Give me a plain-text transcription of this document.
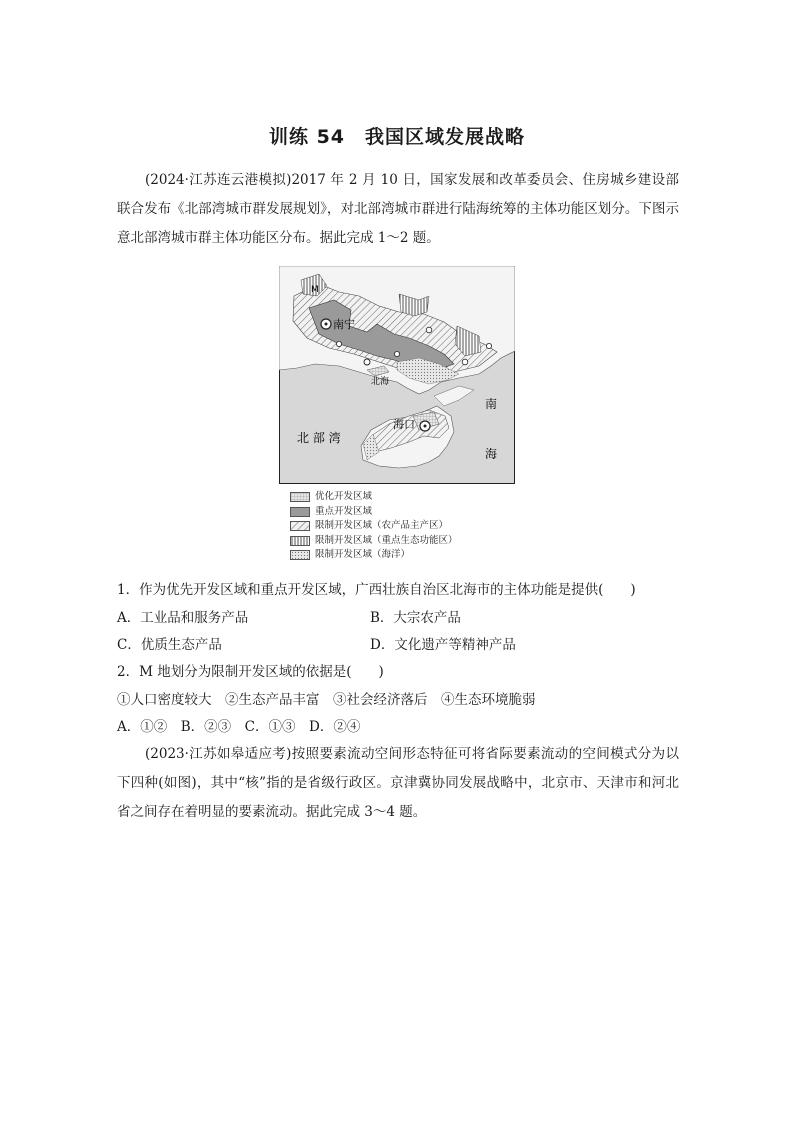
训练 54　我国区域发展战略
(2024·江苏连云港模拟)2017 年 2 月 10 日，国家发展和改革委员会、住房城乡建设部联合发布《北部湾城市群发展规划》，对北部湾城市群进行陆海统筹的主体功能区划分。下图示意北部湾城市群主体功能区分布。据此完成 1～2 题。
南宁
北海
海口
北 部 湾
南
海
M
优化开发区域
重点开发区域
限制开发区域（农产品主产区）
限制开发区域（重点生态功能区）
限制开发区域（海洋）
1．作为优先开发区域和重点开发区域，广西壮族自治区北海市的主体功能是提供(　　)
A．工业品和服务产品	B．大宗农产品
C．优质生态产品	D．文化遗产等精神产品
2．M 地划分为限制开发区域的依据是(　　)
①人口密度较大　②生态产品丰富　③社会经济落后　④生态环境脆弱
A．①②　B．②③　C．①③　D．②④
(2023·江苏如皋适应考)按照要素流动空间形态特征可将省际要素流动的空间模式分为以下四种(如图)，其中“核”指的是省级行政区。京津冀协同发展战略中，北京市、天津市和河北省之间存在着明显的要素流动。据此完成 3～4 题。
